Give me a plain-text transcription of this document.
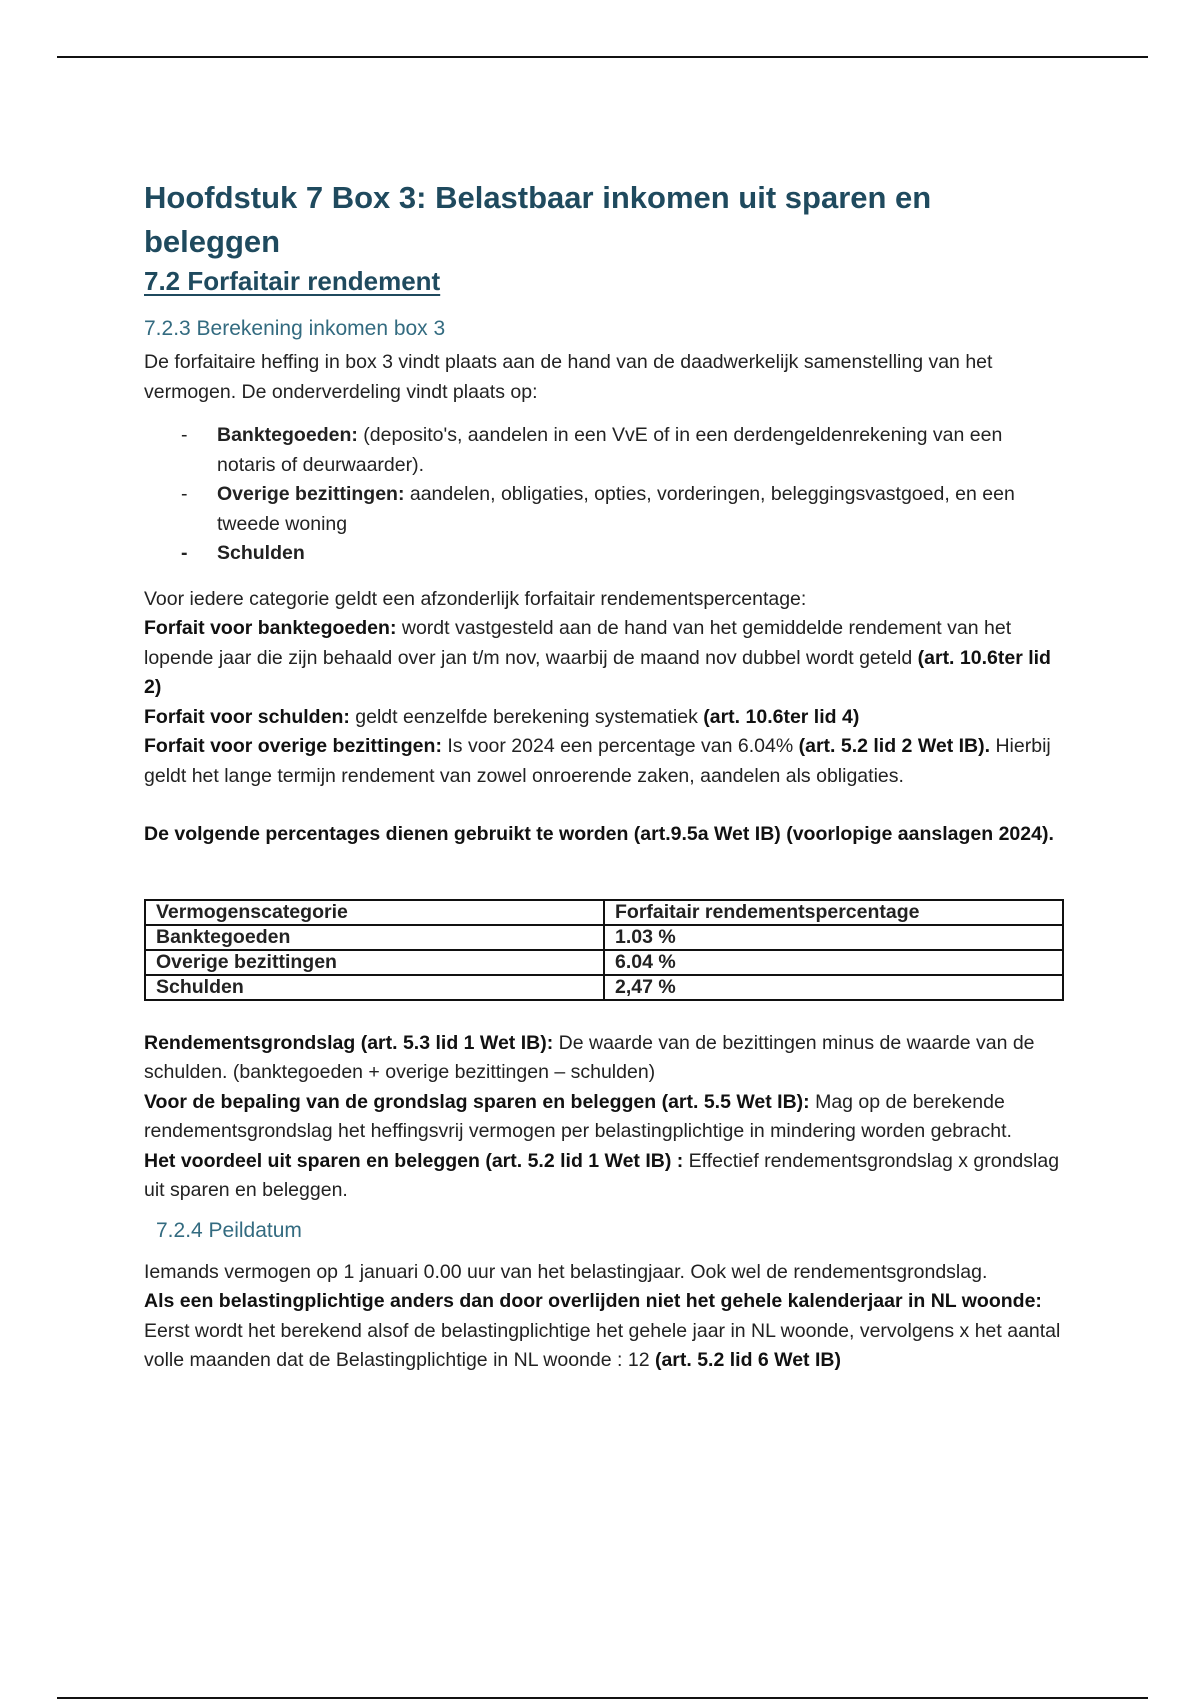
Hoofdstuk 7 Box 3: Belastbaar inkomen uit sparen en beleggen
7.2 Forfaitair rendement
7.2.3 Berekening inkomen box 3

De forfaitaire heffing in box 3 vindt plaats aan de hand van de daadwerkelijk samenstelling van het vermogen. De onderverdeling vindt plaats op:

- Banktegoeden: (deposito's, aandelen in een VvE of in een derdengeldenrekening van een notaris of deurwaarder).
- Overige bezittingen: aandelen, obligaties, opties, vorderingen, beleggingsvastgoed, en een tweede woning
- Schulden

Voor iedere categorie geldt een afzonderlijk forfaitair rendementspercentage:

Forfait voor banktegoeden: wordt vastgesteld aan de hand van het gemiddelde rendement van het lopende jaar die zijn behaald over jan t/m nov, waarbij de maand nov dubbel wordt geteld (art. 10.6ter lid 2)

Forfait voor schulden: geldt eenzelfde berekening systematiek (art. 10.6ter lid 4)

Forfait voor overige bezittingen: Is voor 2024 een percentage van 6.04% (art. 5.2 lid 2 Wet IB). Hierbij geldt het lange termijn rendement van zowel onroerende zaken, aandelen als obligaties.

De volgende percentages dienen gebruikt te worden (art.9.5a Wet IB) (voorlopige aanslagen 2024).

Vermogenscategorie	Forfaitair rendementspercentage
Banktegoeden	1.03 %
Overige bezittingen	6.04 %
Schulden	2,47 %

Rendementsgrondslag (art. 5.3 lid 1 Wet IB): De waarde van de bezittingen minus de waarde van de schulden. (banktegoeden + overige bezittingen – schulden)

Voor de bepaling van de grondslag sparen en beleggen (art. 5.5 Wet IB): Mag op de berekende rendementsgrondslag het heffingsvrij vermogen per belastingplichtige in mindering worden gebracht.

Het voordeel uit sparen en beleggen (art. 5.2 lid 1 Wet IB) : Effectief rendementsgrondslag x grondslag uit sparen en beleggen.

7.2.4 Peildatum

Iemands vermogen op 1 januari 0.00 uur van het belastingjaar. Ook wel de rendementsgrondslag.

Als een belastingplichtige anders dan door overlijden niet het gehele kalenderjaar in NL woonde: Eerst wordt het berekend alsof de belastingplichtige het gehele jaar in NL woonde, vervolgens x het aantal volle maanden dat de Belastingplichtige in NL woonde : 12 (art. 5.2 lid 6 Wet IB)
